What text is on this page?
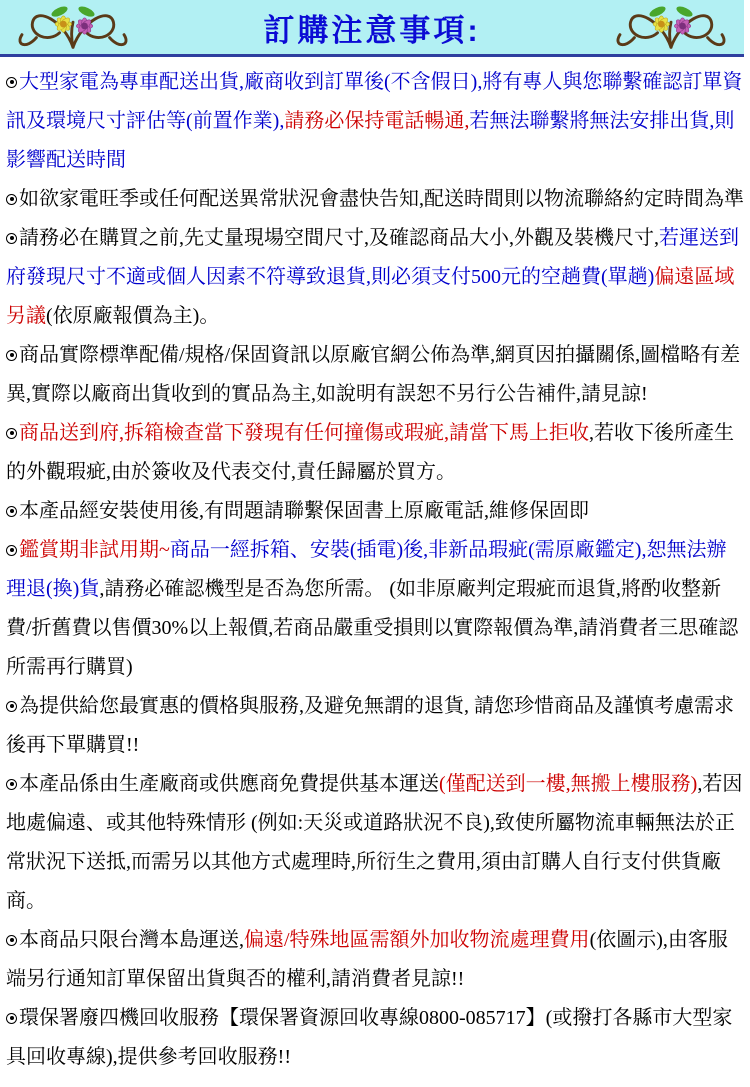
訂購注意事項:

大型家電為專車配送出貨,廠商收到訂單後(不含假日),將有專人與您聯繫確認訂單資訊及環境尺寸評估等(前置作業),請務必保持電話暢通,若無法聯繫將無法安排出貨,則影響配送時間

如欲家電旺季或任何配送異常狀況會盡快告知,配送時間則以物流聯絡約定時間為準

請務必在購買之前,先丈量現場空間尺寸,及確認商品大小,外觀及裝機尺寸,若運送到府發現尺寸不適或個人因素不符導致退貨,則必須支付500元的空趟費(單趟)偏遠區域另議(依原廠報價為主)。

商品實際標準配備/規格/保固資訊以原廠官網公佈為準,網頁因拍攝關係,圖檔略有差異,實際以廠商出貨收到的實品為主,如說明有誤恕不另行公告補件,請見諒!

商品送到府,拆箱檢查當下發現有任何撞傷或瑕疵,請當下馬上拒收,若收下後所產生的外觀瑕疵,由於簽收及代表交付,責任歸屬於買方。

本產品經安裝使用後,有問題請聯繫保固書上原廠電話,維修保固即

鑑賞期非試用期~商品一經拆箱、安裝(插電)後,非新品瑕疵(需原廠鑑定),恕無法辦理退(換)貨,請務必確認機型是否為您所需。 (如非原廠判定瑕疵而退貨,將酌收整新費/折舊費以售價30%以上報價,若商品嚴重受損則以實際報價為準,請消費者三思確認所需再行購買)

為提供給您最實惠的價格與服務,及避免無謂的退貨, 請您珍惜商品及謹慎考慮需求後再下單購買!!

本產品係由生產廠商或供應商免費提供基本運送(僅配送到一樓,無搬上樓服務),若因地處偏遠、或其他特殊情形 (例如:天災或道路狀況不良),致使所屬物流車輛無法於正常狀況下送抵,而需另以其他方式處理時,所衍生之費用,須由訂購人自行支付供貨廠商。

本商品只限台灣本島運送,偏遠/特殊地區需額外加收物流處理費用(依圖示),由客服端另行通知訂單保留出貨與否的權利,請消費者見諒!!

環保署廢四機回收服務【環保署資源回收專線0800-085717】(或撥打各縣市大型家具回收專線),提供參考回收服務!!
